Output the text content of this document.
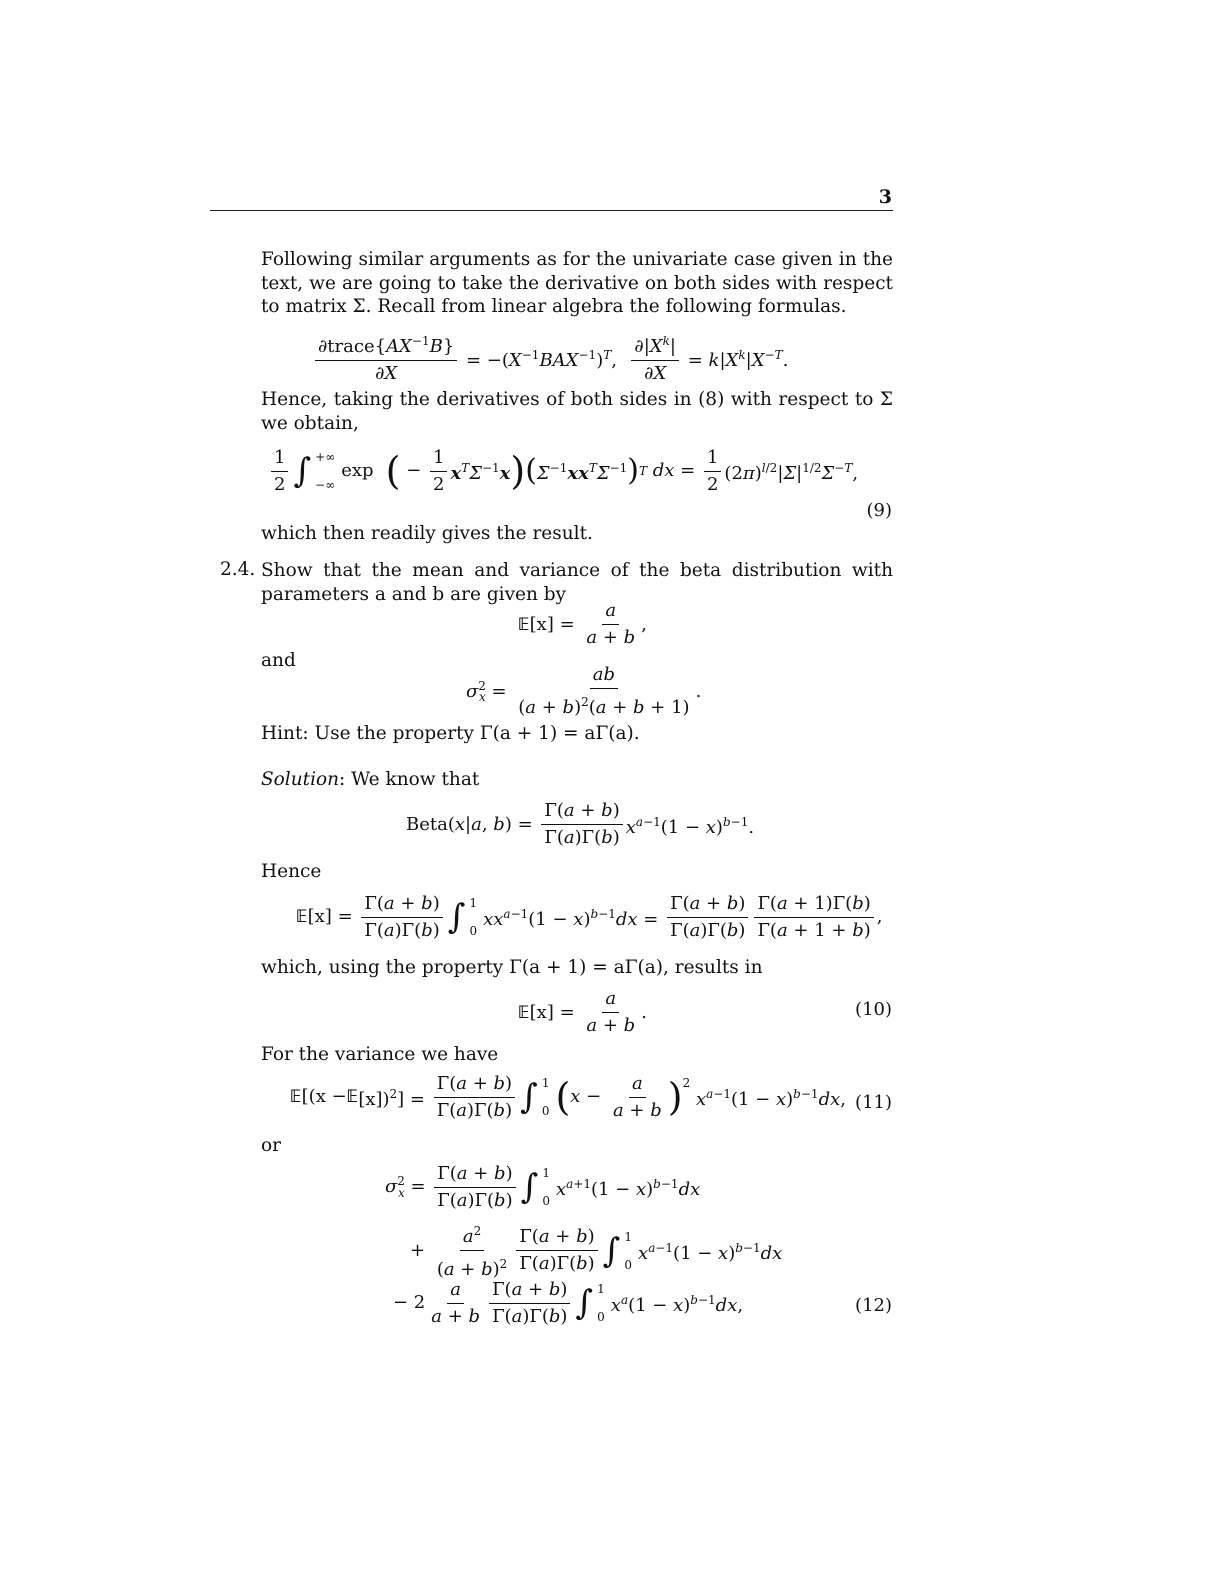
3
Following similar arguments as for the univariate case given in the text, we are going to take the derivative on both sides with respect to matrix Σ. Recall from linear algebra the following formulas.
$\frac{\partial trace\{AX^{-1}B\}}{\partial X} = -(X^{-1}BAX^{-1})^T$, $\frac{\partial|X^k|}{\partial X} = k|X^k|X^{-T}$.
Hence, taking the derivatives of both sides in (8) with respect to Σ we obtain,
$\frac{1}{2}$ ∫ +∞
−∞
exp ( − $\frac{1}{2} x^T\Sigma^{-1}x$ ) ( $\Sigma^{-1}xx^T\Sigma^{-1}$ ) T dx = $\frac{1}{2} (2\pi)^{l/2}|\Sigma|^{1/2}\Sigma^{-T}$,
(9)
which then readily gives the result.
2.4. Show that the mean and variance of the beta distribution with parameters a and b are given by
𝔼 $[x] = \frac{a}{a + b}$ ,
and
$\sigma^2_x = \frac{ab}{(a + b)^2(a + b + 1)}$ .
Hint: Use the property Γ(a + 1) = aΓ(a).
Solution: We know that
Beta(x|a, $b) = \frac{\Gamma(a + b)}{\Gamma(a)\Gamma(b)} x^{a-1}(1 - x)^{b-1}$.
Hence
𝔼 $[x] = \frac{\Gamma(a + b)}{\Gamma(a)\Gamma(b)}$ ∫ 1
0
$xx^{a-1}(1 - x)^{b-1}dx = \frac{\Gamma(a + b)}{\Gamma(a)\Gamma(b)} \frac{\Gamma(a + 1)\Gamma(b)}{\Gamma(a + 1 + b)}$ ,
which, using the property Γ(a + 1) = aΓ(a), results in
𝔼 $[x] = \frac{a}{a + b}$ .	(10)
For the variance we have
𝔼 [(x − 𝔼 $[x])^2] = \frac{\Gamma(a + b)}{\Gamma(a)\Gamma(b)}$ ∫ 1
0 ( $x - \frac{a}{a + b} )^2$
$x^{a-1}(1 - x)^{b-1}dx$, (11)
or
$\sigma^2_x = \frac{\Gamma(a + b)}{\Gamma(a)\Gamma(b)}$ ∫ 1
0
$x^{a+1}(1 - x)^{b-1}dx$
+ $\frac{a^2}{(a + b)^2} \frac{\Gamma(a + b)}{\Gamma(a)\Gamma(b)}$ ∫ 1
0
$x^{a-1}(1 - x)^{b-1}dx$
− $2 \frac{a}{a + b} \frac{\Gamma(a + b)}{\Gamma(a)\Gamma(b)}$ ∫ 1
0
$x^a(1 - x)^{b-1}dx$,	(12)
